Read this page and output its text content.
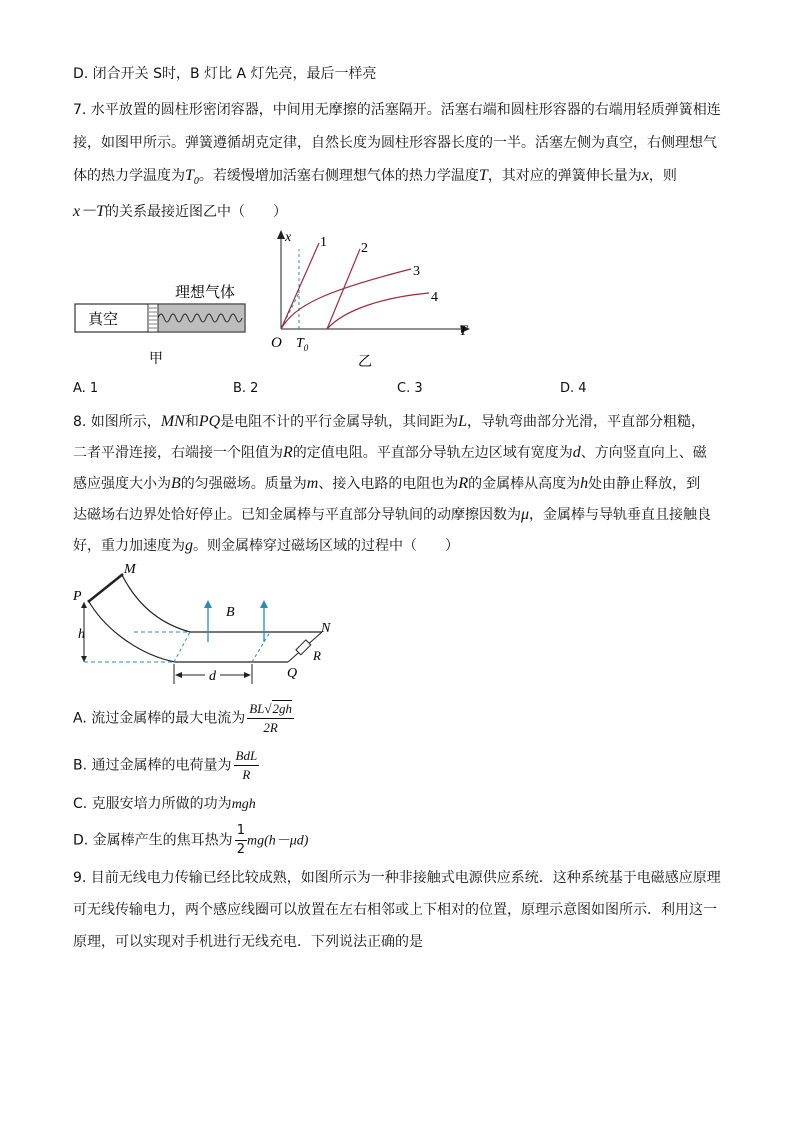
D. 闭合开关 S时，B 灯比 A 灯先亮，最后一样亮
7. 水平放置的圆柱形密闭容器，中间用无摩擦的活塞隔开。活塞右端和圆柱形容器的右端用轻质弹簧相连
接，如图甲所示。弹簧遵循胡克定律，自然长度为圆柱形容器长度的一半。活塞左侧为真空，右侧理想气
体的热力学温度为$T_0$。若缓慢增加活塞右侧理想气体的热力学温度T，其对应的弹簧伸长量为x，则
x－T的关系最接近图乙中（　　）
理想气体
真空
甲
x
T
O $T_0$
1 2
3
4
乙
A. 1	B. 2	C. 3	D. 4
8. 如图所示，MN和PQ是电阻不计的平行金属导轨，其间距为L，导轨弯曲部分光滑，平直部分粗糙，
二者平滑连接，右端接一个阻值为R的定值电阻。平直部分导轨左边区域有宽度为d、方向竖直向上、磁
感应强度大小为B的匀强磁场。质量为m、接入电路的电阻也为R的金属棒从高度为h处由静止释放，到
达磁场右边界处恰好停止。已知金属棒与平直部分导轨间的动摩擦因数为μ，金属棒与导轨垂直且接触良
好，重力加速度为g。则金属棒穿过磁场区域的过程中（　　）
M
P
N
Q
B
h
d
R
A. 流过金属棒的最大电流为 $\frac{BL√2gh}{2R}$
B. 通过金属棒的电荷量为 $\frac{\text{BdL}}{R}$
C. 克服安培力所做的功为mgh
D. 金属棒产生的焦耳热为 $\frac{1}{2} mg(h-\mu d)$
9. 目前无线电力传输已经比较成熟，如图所示为一种非接触式电源供应系统．这种系统基于电磁感应原理
可无线传输电力，两个感应线圈可以放置在左右相邻或上下相对的位置，原理示意图如图所示．利用这一
原理，可以实现对手机进行无线充电．下列说法正确的是
